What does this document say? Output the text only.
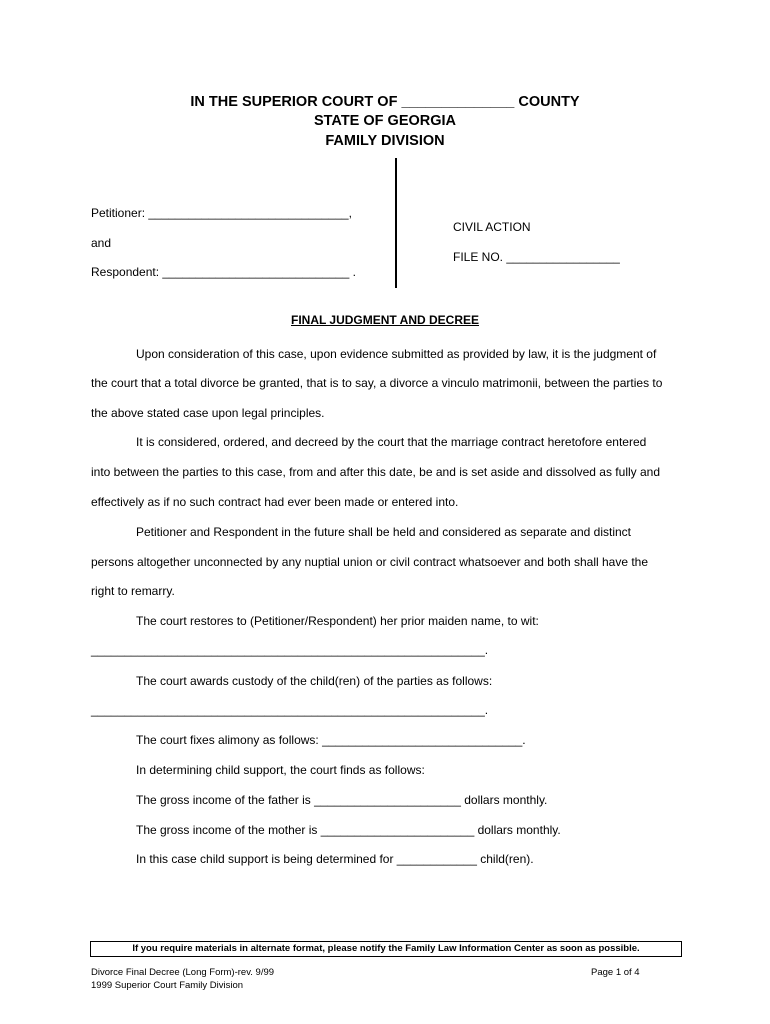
IN THE SUPERIOR COURT OF ______________ COUNTY
STATE OF GEORGIA
FAMILY DIVISION
Petitioner: ______________________________,
and
Respondent: ____________________________ .
CIVIL ACTION
FILE NO. _________________
FINAL JUDGMENT AND DECREE
Upon consideration of this case, upon evidence submitted as provided by law, it is the judgment of
the court that a total divorce be granted, that is to say, a divorce a vinculo matrimonii, between the parties to
the above stated case upon legal principles.
It is considered, ordered, and decreed by the court that the marriage contract heretofore entered
into between the parties to this case, from and after this date, be and is set aside and dissolved as fully and
effectively as if no such contract had ever been made or entered into.
Petitioner and Respondent in the future shall be held and considered as separate and distinct
persons altogether unconnected by any nuptial union or civil contract whatsoever and both shall have the
right to remarry.
The court restores to (Petitioner/Respondent) her prior maiden name, to wit:
___________________________________________________________.
The court awards custody of the child(ren) of the parties as follows:
___________________________________________________________.
The court fixes alimony as follows: ______________________________.
In determining child support, the court finds as follows:
The gross income of the father is ______________________ dollars monthly.
The gross income of the mother is _______________________ dollars monthly.
In this case child support is being determined for ____________ child(ren).
If you require materials in alternate format, please notify the Family Law Information Center as soon as possible.
Divorce Final Decree (Long Form)-rev. 9/99
1999 Superior Court Family Division
Page 1 of 4
